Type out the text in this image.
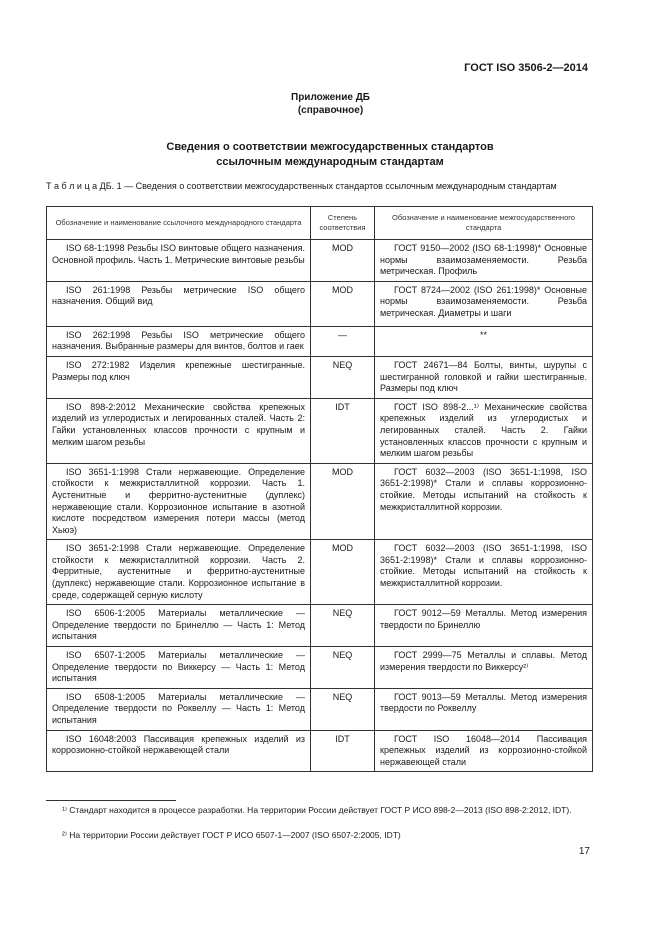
ГОСТ ISO 3506-2—2014
Приложение ДБ
(справочное)
Сведения о соответствии межгосударственных стандартов
ссылочным международным стандартам
Т а б л и ц а ДБ. 1 — Сведения о соответствии межгосударственных стандартов ссылочным международным стандартам
Обозначение и наименование ссылочного международного стандарта	Степень соответствия	Обозначение и наименование межгосударственного стандарта
ISO 68-1:1998 Резьбы ISO винтовые общего назначения. Основной профиль. Часть 1. Метрические винтовые резьбы	MOD	ГОСТ 9150—2002 (ISO 68-1:1998)* Основные нормы взаимозаменяемости. Резьба метрическая. Профиль
ISO 261:1998 Резьбы метрические ISO общего назначения. Общий вид	MOD	ГОСТ 8724—2002 (ISO 261:1998)* Основные нормы взаимозаменяемости. Резьба метрическая. Диаметры и шаги
ISO 262:1998 Резьбы ISO метрические общего назначения. Выбранные размеры для винтов, болтов и гаек	—	**
ISO 272:1982 Изделия крепежные шестигранные. Размеры под ключ	NEQ	ГОСТ 24671—84 Болты, винты, шурупы с шестигранной головкой и гайки шестигранные. Размеры под ключ
ISO 898-2:2012 Механические свойства крепежных изделий из углеродистых и легированных сталей. Часть 2: Гайки установленных классов прочности с крупным и мелким шагом резьбы	IDT	ГОСТ ISO 898-2...¹⁾ Механические свойства крепежных изделий из углеродистых и легированных сталей. Часть 2. Гайки установленных классов прочности с крупным и мелким шагом резьбы
ISO 3651-1:1998 Стали нержавеющие. Определение стойкости к межкристаллитной коррозии. Часть 1. Аустенитные и ферритно-аустенитные (дуплекс) нержавеющие стали. Коррозионное испытание в азотной кислоте посредством измерения потери массы (метод Хьюэ)	MOD	ГОСТ 6032—2003 (ISO 3651-1:1998, ISO 3651-2:1998)* Стали и сплавы коррозионно-стойкие. Методы испытаний на стойкость к межкристаллитной коррозии.
ISO 3651-2:1998 Стали нержавеющие. Определение стойкости к межкристаллитной коррозии. Часть 2. Ферритные, аустенитные и ферритно-аустенитные (дуплекс) нержавеющие стали. Коррозионное испытание в среде, содержащей серную кислоту	MOD	ГОСТ 6032—2003 (ISO 3651-1:1998, ISO 3651-2:1998)* Стали и сплавы коррозионно-стойкие. Методы испытаний на стойкость к межкристаллитной коррозии.
ISO 6506-1:2005 Материалы металлические — Определение твердости по Бринеллю — Часть 1: Метод испытания	NEQ	ГОСТ 9012—59 Металлы. Метод измерения твердости по Бринеллю
ISO 6507-1:2005 Материалы металлические — Определение твердости по Виккерсу — Часть 1: Метод испытания	NEQ	ГОСТ 2999—75 Металлы и сплавы. Метод измерения твердости по Виккерсу²⁾
ISO 6508-1:2005 Материалы металлические — Определение твердости по Роквеллу — Часть 1: Метод испытания	NEQ	ГОСТ 9013—59 Металлы. Метод измерения твердости по Роквеллу
ISO 16048:2003 Пассивация крепежных изделий из коррозионно-стойкой нержавеющей стали	IDT	ГОСТ ISO 16048—2014 Пассивация крепежных изделий из коррозионно-стойкой нержавеющей стали
¹⁾ Стандарт находится в процессе разработки. На территории России действует ГОСТ Р ИСО 898-2—2013 (ISO 898-2:2012, IDT).
²⁾ На территории России действует ГОСТ Р ИСО 6507-1—2007 (ISO 6507-2:2005, IDT)
17
